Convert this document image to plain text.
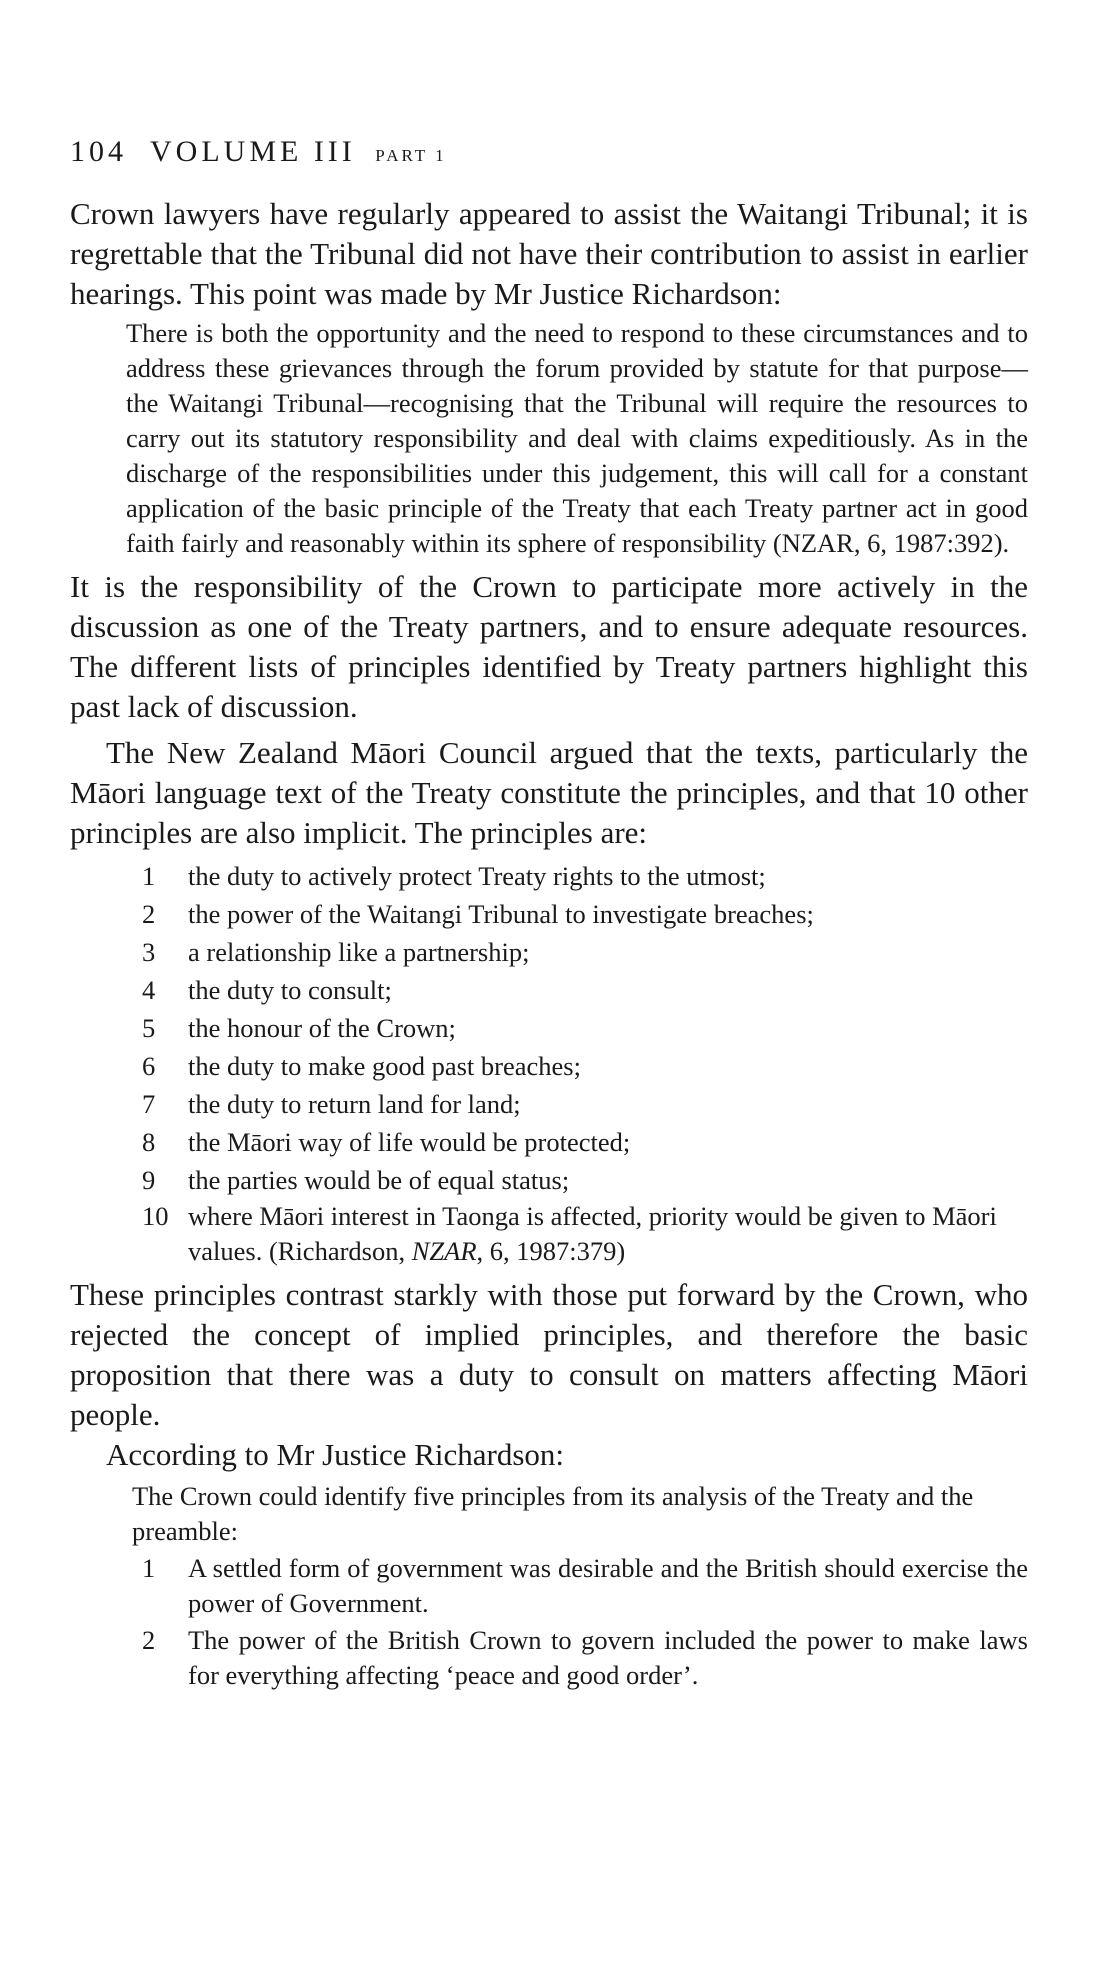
104 VOLUME III PART 1

Crown lawyers have regularly appeared to assist the Waitangi Tribunal; it is regrettable that the Tribunal did not have their contribution to assist in earlier hearings. This point was made by Mr Justice Richardson:

There is both the opportunity and the need to respond to these circumstances and to address these grievances through the forum provided by statute for that purpose—the Waitangi Tribunal—recognising that the Tribunal will require the resources to carry out its statutory responsibility and deal with claims expeditiously. As in the discharge of the responsibilities under this judgement, this will call for a constant application of the basic principle of the Treaty that each Treaty partner act in good faith fairly and reasonably within its sphere of responsibility (NZAR, 6, 1987:392).

It is the responsibility of the Crown to participate more actively in the discussion as one of the Treaty partners, and to ensure adequate resources. The different lists of principles identified by Treaty partners highlight this past lack of discussion.

The New Zealand Māori Council argued that the texts, particularly the Māori language text of the Treaty constitute the principles, and that 10 other principles are also implicit. The principles are:

1	the duty to actively protect Treaty rights to the utmost;
2	the power of the Waitangi Tribunal to investigate breaches;
3	a relationship like a partnership;
4	the duty to consult;
5	the honour of the Crown;
6	the duty to make good past breaches;
7	the duty to return land for land;
8	the Māori way of life would be protected;
9	the parties would be of equal status;
10 where Māori interest in Taonga is affected, priority would be given to Māori values. (Richardson, NZAR, 6, 1987:379)

These principles contrast starkly with those put forward by the Crown, who rejected the concept of implied principles, and therefore the basic proposition that there was a duty to consult on matters affecting Māori people.

According to Mr Justice Richardson:

The Crown could identify five principles from its analysis of the Treaty and the preamble:

1	A settled form of government was desirable and the British should exercise the power of Government.
2	The power of the British Crown to govern included the power to make laws for everything affecting ‘peace and good order’.
